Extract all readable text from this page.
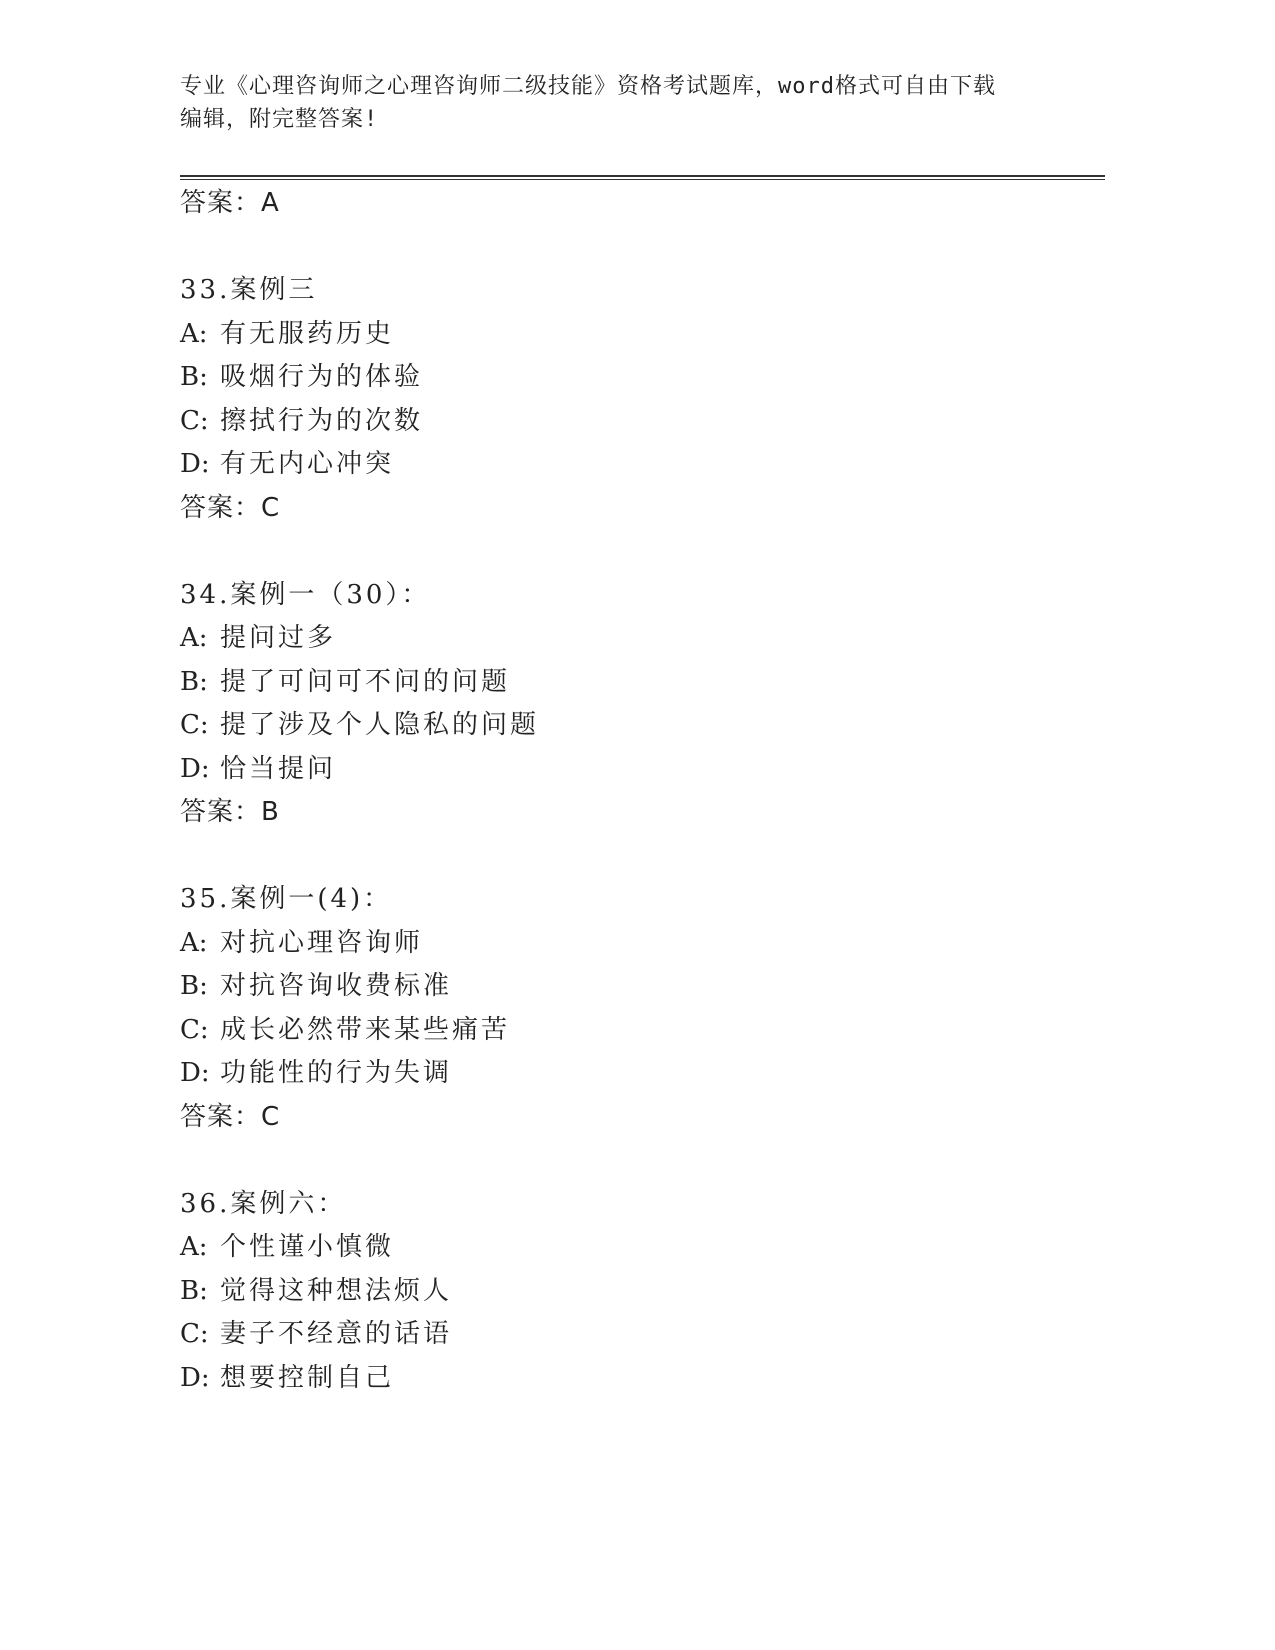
专业《心理咨询师之心理咨询师二级技能》资格考试题库，word格式可自由下载
编辑，附完整答案!
答案：A
33.案例三
A: 有无服药历史
B: 吸烟行为的体验
C: 擦拭行为的次数
D: 有无内心冲突
答案：C
34.案例一（30）：
A: 提问过多
B: 提了可问可不问的问题
C: 提了涉及个人隐私的问题
D: 恰当提问
答案：B
35.案例一(4)：
A: 对抗心理咨询师
B: 对抗咨询收费标准
C: 成长必然带来某些痛苦
D: 功能性的行为失调
答案：C
36.案例六：
A: 个性谨小慎微
B: 觉得这种想法烦人
C: 妻子不经意的话语
D: 想要控制自己
